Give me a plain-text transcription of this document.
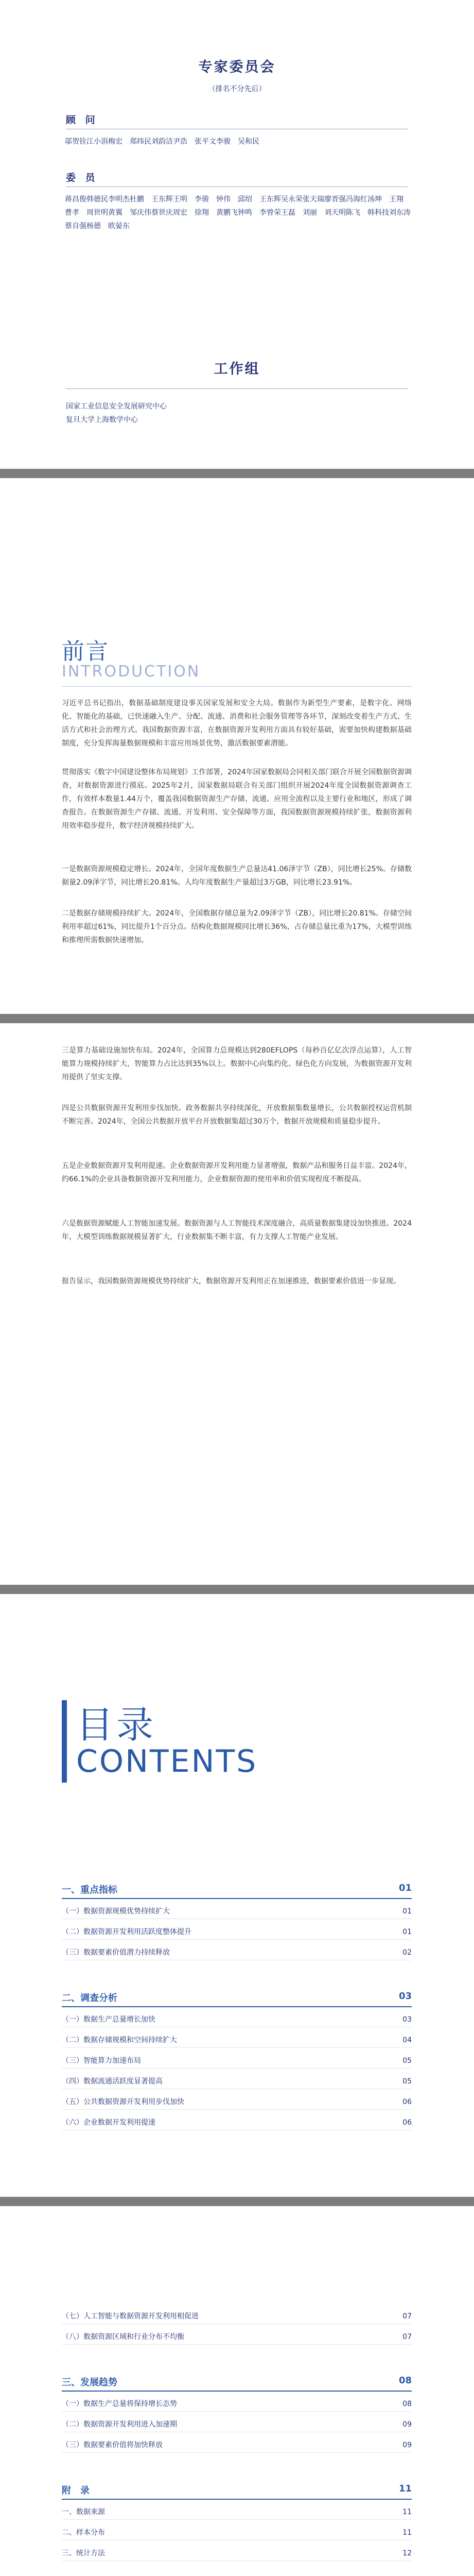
专家委员会
（排名不分先后）
顾 问
邬贺铨 江小涓 梅宏	郑纬民 刘韵洁 尹浩	张平文 李骏	吴和民
委 员
蒋昌俊 韩德民 李明杰 杜鹏	王东辉 王明	李骏	钟伟	邱绍	王东辉 吴永荣 张天瑞 廖晋强 冯海红 汤坤	王翔
曹孝	周世明 黄翼	邹庆伟 蔡世庆 周宏	徐翔	黄鹏飞 钟鸣	李曾荣 王磊	刘丽	刘天明 陈飞	韩科技 刘东涛
蔡自强 杨德	欧晏东
工作组
国家工业信息安全发展研究中心
复旦大学上海数学中心
前言
INTRODUCTION
习近平总书记指出，数据基础制度建设事关国家发展和安全大局。数据作为新型生产要素，是数字化、网络化、智能化的基础，已快速融入生产、分配、流通、消费和社会服务管理等各环节，深刻改变着生产方式、生活方式和社会治理方式。我国数据资源丰富，在数据资源开发利用方面具有较好基础，需要加快构建数据基础制度，充分发挥海量数据规模和丰富应用场景优势，激活数据要素潜能。
贯彻落实《数字中国建设整体布局规划》工作部署，2024年国家数据局会同相关部门联合开展全国数据资源调查，对数据资源进行摸底。2025年2月，国家数据局联合有关部门组织开展2024年度全国数据资源调查工作，有效样本数量1.44万个，覆盖我国数据资源生产存储、流通、应用全流程以及主要行业和地区，形成了调查报告。在数据资源生产存储、流通、开发利用、安全保障等方面，我国数据资源规模持续扩张，数据资源利用效率稳步提升，数字经济规模持续扩大。
一是数据资源规模稳定增长。2024年，全国年度数据生产总量达41.06泽字节（ZB），同比增长25%。存储数据量2.09泽字节，同比增长20.81%。人均年度数据生产量超过3万GB，同比增长23.91%。
二是数据存储规模持续扩大。2024年，全国数据存储总量为2.09泽字节（ZB），同比增长20.81%。存储空间利用率超过61%，同比提升1个百分点。结构化数据规模同比增长36%，占存储总量比重为17%，大模型训练和推理所需数据快速增加。
三是算力基础设施加快布局。2024年，全国算力总规模达到280EFLOPS（每秒百亿亿次浮点运算），人工智能算力规模持续扩大，智能算力占比达到35%以上。数据中心向集约化、绿色化方向发展，为数据资源开发利用提供了坚实支撑。
四是公共数据资源开发利用步伐加快。政务数据共享持续深化，开放数据集数量增长，公共数据授权运营机制不断完善。2024年，全国公共数据开放平台开放数据集超过30万个，数据开放规模和质量稳步提升。
五是企业数据资源开发利用提速。企业数据资源开发利用能力显著增强，数据产品和服务日益丰富。2024年，约66.1%的企业具备数据资源开发利用能力，企业数据资源的使用率和价值实现程度不断提高。
六是数据资源赋能人工智能加速发展。数据资源与人工智能技术深度融合，高质量数据集建设加快推进。2024年，大模型训练数据规模显著扩大，行业数据集不断丰富，有力支撑人工智能产业发展。
报告显示，我国数据资源规模优势持续扩大，数据资源开发利用正在加速推进，数据要素价值进一步显现。
目录
CONTENTS
一、重点指标	01
（一）数据资源规模优势持续扩大	01
（二）数据资源开发利用活跃度整体提升	01
（三）数据要素价值潜力持续释放	02
二、调查分析	03
（一）数据生产总量增长加快	03
（二）数据存储规模和空间持续扩大	04
（三）智能算力加速布局	05
（四）数据流通活跃度显著提高	05
（五）公共数据资源开发利用步伐加快	06
（六）企业数据开发利用提速	06
（七）人工智能与数据资源开发利用相促进	07
（八）数据资源区域和行业分布不均衡	07
三、发展趋势	08
（一）数据生产总量将保持增长态势	08
（二）数据资源开发利用进入加速期	09
（三）数据要素价值将加快释放	09
附　录	11
一、数据来源	11
二、样本分布	11
三、统计方法	12
